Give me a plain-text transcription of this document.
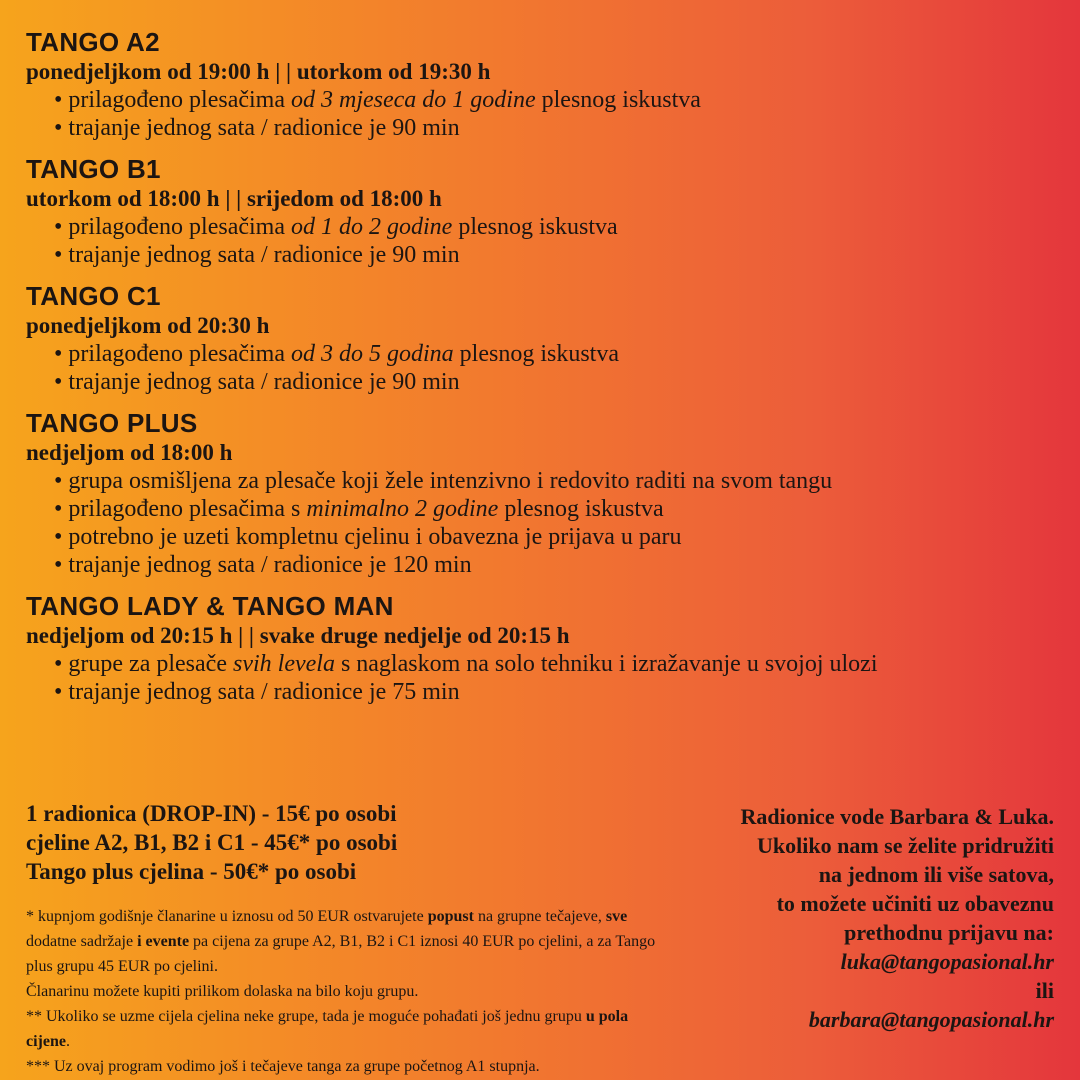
TANGO A2

ponedjeljkom od 19:00 h | | utorkom od 19:30 h

• prilagođeno plesačima od 3 mjeseca do 1 godine plesnog iskustva
• trajanje jednog sata / radionice je 90 min
TANGO B1

utorkom od 18:00 h | | srijedom od 18:00 h

• prilagođeno plesačima od 1 do 2 godine plesnog iskustva
• trajanje jednog sata / radionice je 90 min
TANGO C1

ponedjeljkom od 20:30 h

• prilagođeno plesačima od 3 do 5 godina plesnog iskustva
• trajanje jednog sata / radionice je 90 min
TANGO PLUS

nedjeljom od 18:00 h

• grupa osmišljena za plesače koji žele intenzivno i redovito raditi na svom tangu
• prilagođeno plesačima s minimalno 2 godine plesnog iskustva
• potrebno je uzeti kompletnu cjelinu i obavezna je prijava u paru
• trajanje jednog sata / radionice je 120 min
TANGO LADY & TANGO MAN

nedjeljom od 20:15 h | | svake druge nedjelje od 20:15 h

• grupe za plesače svih levela s naglaskom na solo tehniku i izražavanje u svojoj ulozi
• trajanje jednog sata / radionice je 75 min
1 radionica (DROP-IN) - 15€ po osobi
cjeline A2, B1, B2 i C1 - 45€* po osobi
Tango plus cjelina - 50€* po osobi

* kupnjom godišnje članarine u iznosu od 50 EUR ostvarujete popust na grupne tečajeve, sve dodatne sadržaje i eventе pa cijena za grupe A2, B1, B2 i C1 iznosi 40 EUR po cjelini, a za Tango plus grupu 45 EUR po cjelini.

Članarinu možete kupiti prilikom dolaska na bilo koju grupu.

** Ukoliko se uzme cijela cjelina neke grupe, tada je moguće pohađati još jednu grupu u pola cijene.

*** Uz ovaj program vodimo još i tečajeve tanga za grupe početnog A1 stupnja.

Radionice vode Barbara & Luka.
Ukoliko nam se želite pridružiti
na jednom ili više satova,
to možete učiniti uz obaveznu
prethodnu prijavu na:
luka@tangopasional.hr
ili
barbara@tangopasional.hr
